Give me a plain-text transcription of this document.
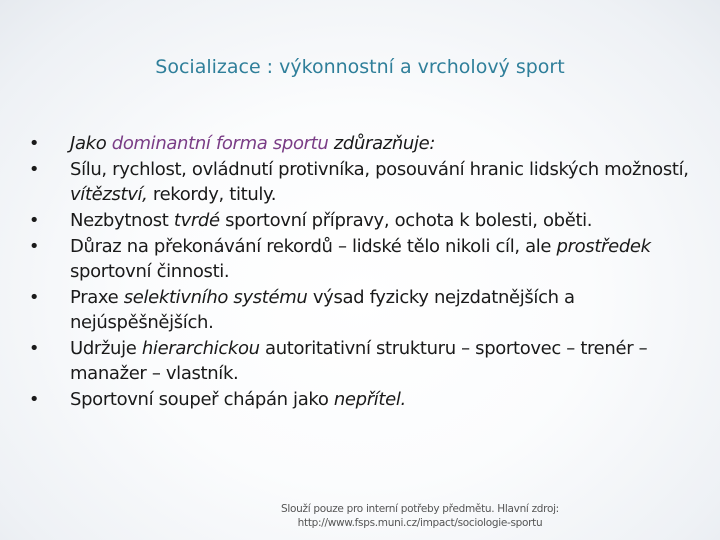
Socializace : výkonnostní a vrcholový sport
• Jako dominantní forma sportu zdůrazňuje:
• Sílu, rychlost, ovládnutí protivníka, posouvání hranic lidských možností, vítězství, rekordy, tituly.
• Nezbytnost tvrdé sportovní přípravy, ochota k bolesti, oběti.
• Důraz na překonávání rekordů – lidské tělo nikoli cíl, ale prostředek sportovní činnosti.
• Praxe selektivního systému výsad fyzicky nejzdatnějších a nejúspěšnějších.
• Udržuje hierarchickou autoritativní strukturu – sportovec – trenér – manažer – vlastník.
• Sportovní soupeř chápán jako nepřítel.
Slouží pouze pro interní potřeby předmětu. Hlavní zdroj:
http://www.fsps.muni.cz/impact/sociologie-sportu
